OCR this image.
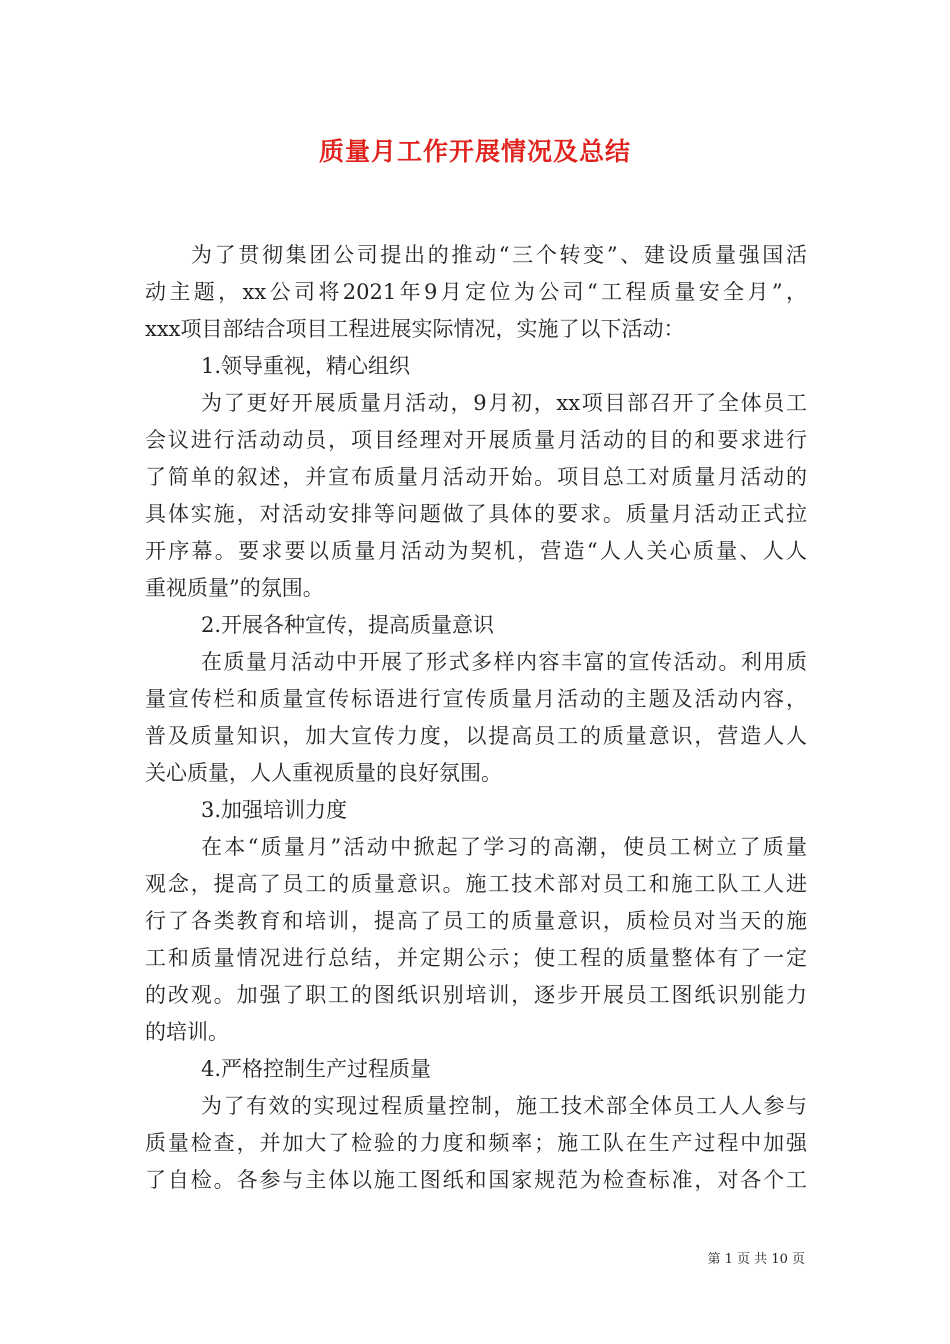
质量月工作开展情况及总结
为了贯彻集团公司提出的推动“三个转变”、建设质量强国活
动主题，xx公司将2021年9月定位为公司“工程质量安全月”，
xxx项目部结合项目工程进展实际情况，实施了以下活动：
1.领导重视，精心组织
为了更好开展质量月活动，9月初，xx项目部召开了全体员工
会议进行活动动员，项目经理对开展质量月活动的目的和要求进行
了简单的叙述，并宣布质量月活动开始。项目总工对质量月活动的
具体实施，对活动安排等问题做了具体的要求。质量月活动正式拉
开序幕。要求要以质量月活动为契机，营造“人人关心质量、人人
重视质量”的氛围。
2.开展各种宣传，提高质量意识
在质量月活动中开展了形式多样内容丰富的宣传活动。利用质
量宣传栏和质量宣传标语进行宣传质量月活动的主题及活动内容，
普及质量知识，加大宣传力度，以提高员工的质量意识，营造人人
关心质量，人人重视质量的良好氛围。
3.加强培训力度
在本“质量月”活动中掀起了学习的高潮，使员工树立了质量
观念，提高了员工的质量意识。施工技术部对员工和施工队工人进
行了各类教育和培训，提高了员工的质量意识，质检员对当天的施
工和质量情况进行总结，并定期公示；使工程的质量整体有了一定
的改观。加强了职工的图纸识别培训，逐步开展员工图纸识别能力
的培训。
4.严格控制生产过程质量
为了有效的实现过程质量控制，施工技术部全体员工人人参与
质量检查，并加大了检验的力度和频率；施工队在生产过程中加强
了自检。各参与主体以施工图纸和国家规范为检查标准，对各个工
第 1 页 共 10 页
